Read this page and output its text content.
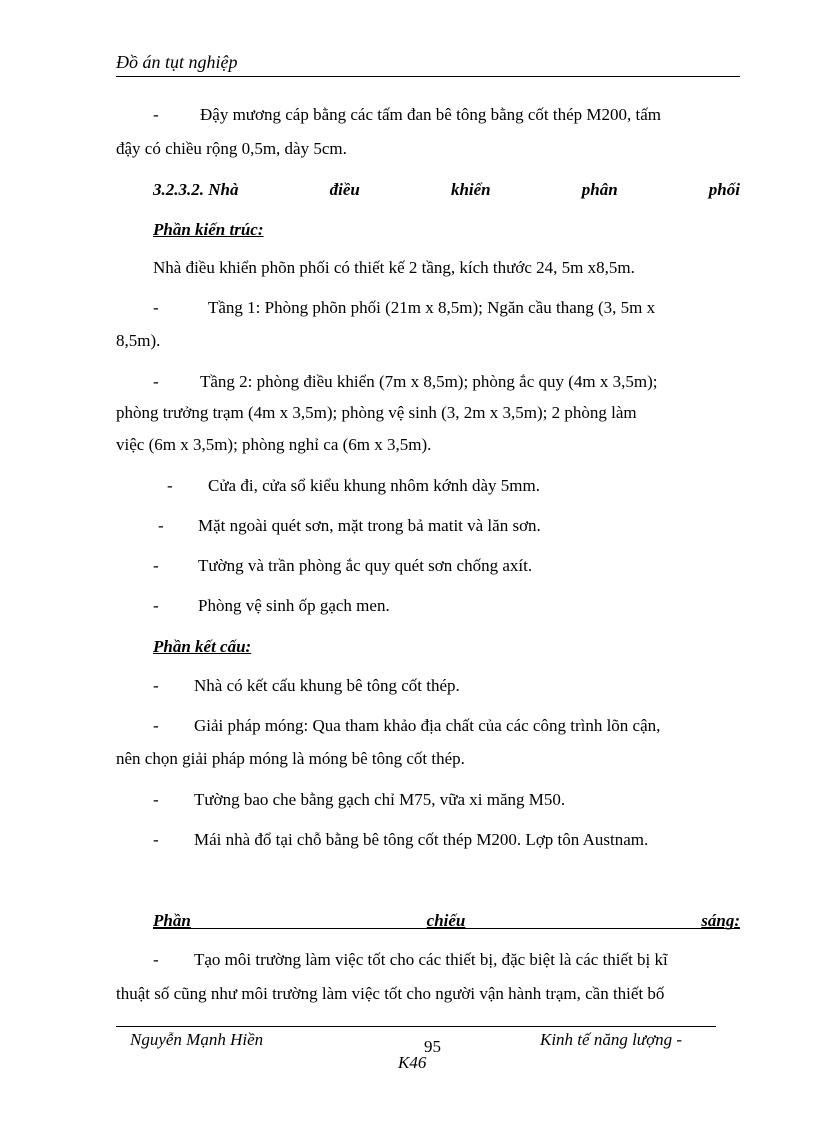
Đồ án tụt nghiệp
- Đậy mương cáp bằng các tấm đan bê tông bằng cốt thép M200, tấm
đậy có chiều rộng 0,5m, dày 5cm.
3.2.3.2. Nhà	điều	khiển	phân	phối
Phần kiến trúc:
Nhà điều khiển phõn phối có thiết kế 2 tầng, kích thước 24, 5m x8,5m.
-	Tầng 1: Phòng phõn phối (21m x 8,5m); Ngăn cầu thang (3, 5m x
8,5m).
- Tầng 2: phòng điều khiển (7m x 8,5m); phòng ắc quy (4m x 3,5m);
phòng trưởng trạm (4m x 3,5m); phòng vệ sinh (3, 2m x 3,5m); 2 phòng làm
việc (6m x 3,5m); phòng nghỉ ca (6m x 3,5m).
- Cửa đi, cửa sổ kiểu khung nhôm kớnh dày 5mm.
- Mặt ngoài quét sơn, mặt trong bả matit và lăn sơn.
- Tường và trần phòng ắc quy quét sơn chống axít.
- Phòng vệ sinh ốp gạch men.
Phần kết cấu:
- Nhà có kết cấu khung bê tông cốt thép.
- Giải pháp móng: Qua tham khảo địa chất của các công trình lõn cận,
nên chọn giải pháp móng là móng bê tông cốt thép.
- Tường bao che bằng gạch chỉ M75, vữa xi măng M50.
- Mái nhà đổ tại chỗ bằng bê tông cốt thép M200. Lợp tôn Austnam.
Phần	chiếu	sáng:
- Tạo môi trường làm việc tốt cho các thiết bị, đặc biệt là các thiết bị kĩ
thuật số cũng như môi trường làm việc tốt cho người vận hành trạm, cần thiết bố
Nguyễn Mạnh Hiền	95	Kinh tế năng lượng -
K46
